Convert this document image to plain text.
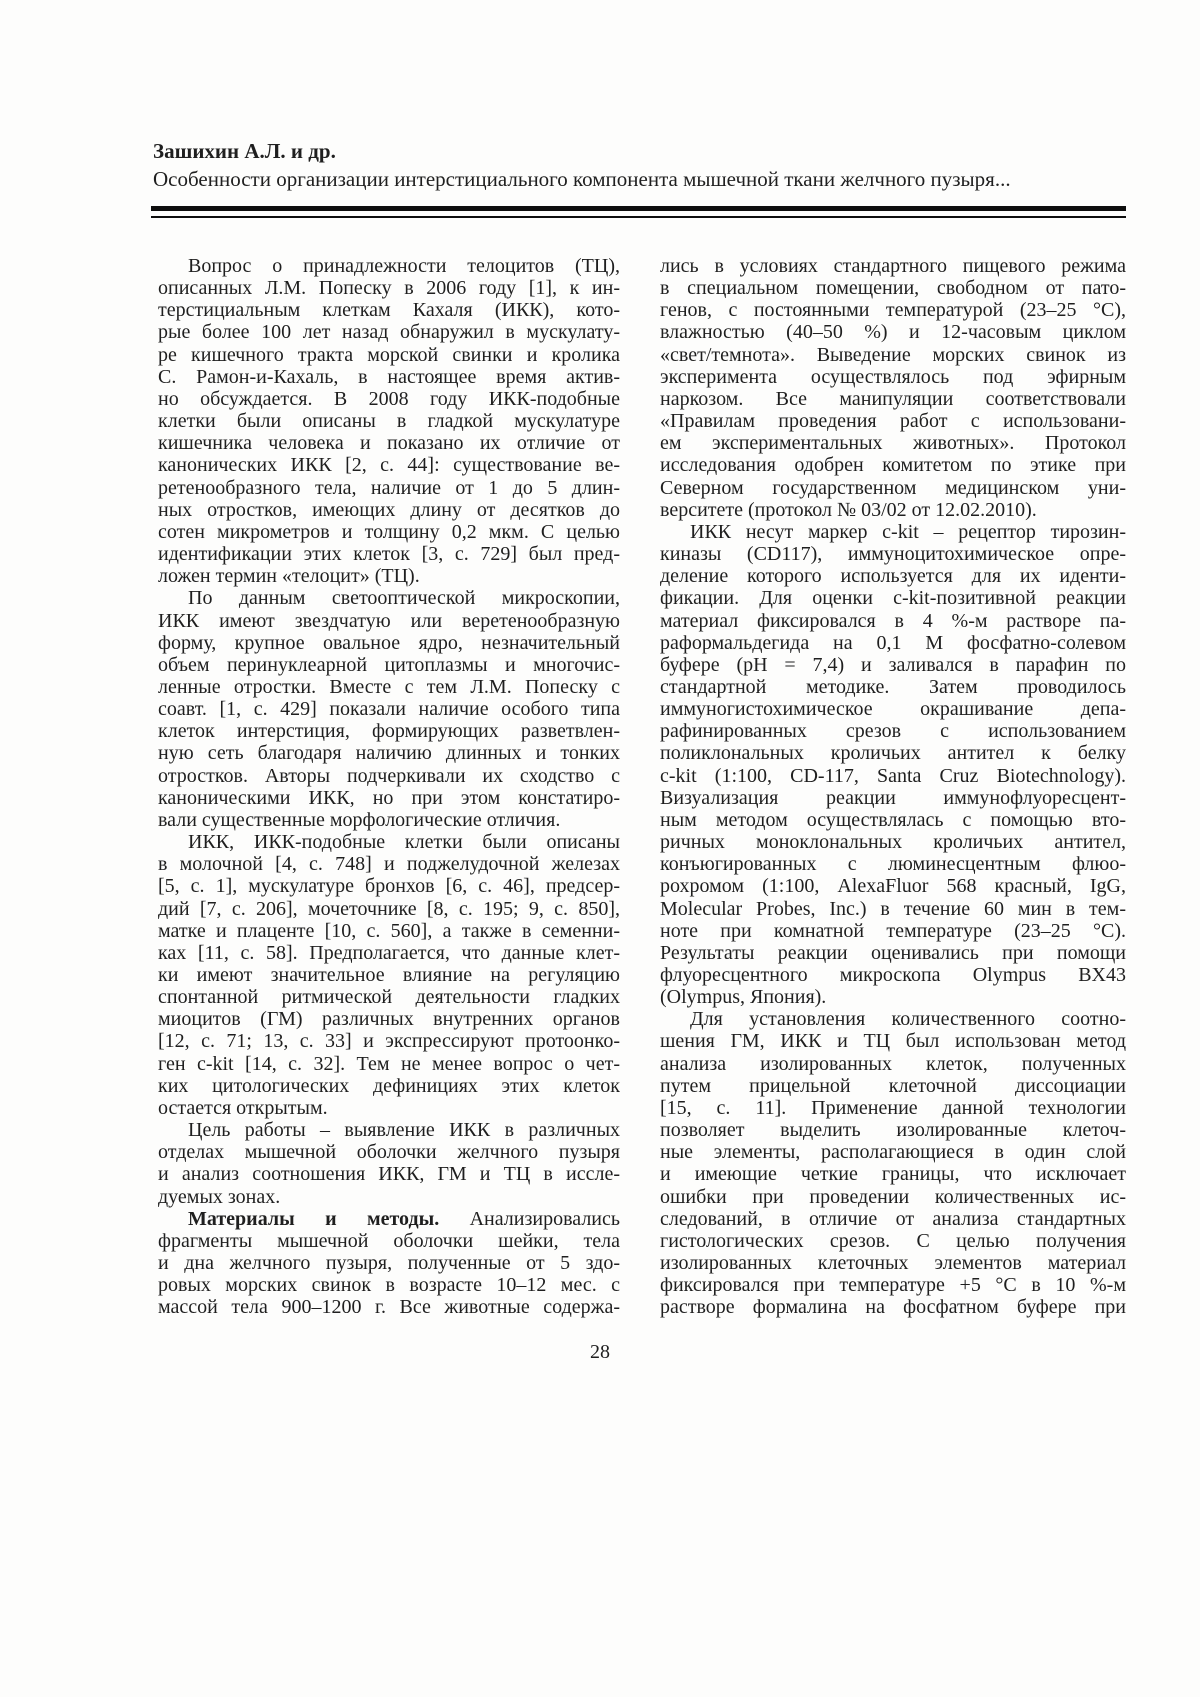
Зашихин А.Л. и др.
Особенности организации интерстициального компонента мышечной ткани желчного пузыря...
Вопрос о принадлежности телоцитов (ТЦ),
описанных Л.М. Попеску в 2006 году [1], к ин-
терстициальным клеткам Кахаля (ИКК), кото-
рые более 100 лет назад обнаружил в мускулату-
ре кишечного тракта морской свинки и кролика
С. Рамон-и-Кахаль, в настоящее время актив-
но обсуждается. В 2008 году ИКК-подобные
клетки были описаны в гладкой мускулатуре
кишечника человека и показано их отличие от
канонических ИКК [2, с. 44]: существование ве-
ретенообразного тела, наличие от 1 до 5 длин-
ных отростков, имеющих длину от десятков до
сотен микрометров и толщину 0,2 мкм. С целью
идентификации этих клеток [3, с. 729] был пред-
ложен термин «телоцит» (ТЦ).
По данным светооптической микроскопии,
ИКК имеют звездчатую или веретенообразную
форму, крупное овальное ядро, незначительный
объем перинуклеарной цитоплазмы и многочис-
ленные отростки. Вместе с тем Л.М. Попеску с
соавт. [1, с. 429] показали наличие особого типа
клеток интерстиция, формирующих разветвлен-
ную сеть благодаря наличию длинных и тонких
отростков. Авторы подчеркивали их сходство с
каноническими ИКК, но при этом констатиро-
вали существенные морфологические отличия.
ИКК, ИКК-подобные клетки были описаны
в молочной [4, с. 748] и поджелудочной железах
[5, с. 1], мускулатуре бронхов [6, с. 46], предсер-
дий [7, с. 206], мочеточнике [8, с. 195; 9, с. 850],
матке и плаценте [10, с. 560], а также в семенни-
ках [11, с. 58]. Предполагается, что данные клет-
ки имеют значительное влияние на регуляцию
спонтанной ритмической деятельности гладких
миоцитов (ГМ) различных внутренних органов
[12, с. 71; 13, с. 33] и экспрессируют протоонко-
ген c-kit [14, с. 32]. Тем не менее вопрос о чет-
ких цитологических дефинициях этих клеток
остается открытым.
Цель работы – выявление ИКК в различных
отделах мышечной оболочки желчного пузыря
и анализ соотношения ИКК, ГМ и ТЦ в иссле-
дуемых зонах.
Материалы и методы. Анализировались
фрагменты мышечной оболочки шейки, тела
и дна желчного пузыря, полученные от 5 здо-
ровых морских свинок в возрасте 10–12 мес. с
массой тела 900–1200 г. Все животные содержа-
лись в условиях стандартного пищевого режима
в специальном помещении, свободном от пато-
генов, с постоянными температурой (23–25 °C),
влажностью (40–50 %) и 12-часовым циклом
«свет/темнота». Выведение морских свинок из
эксперимента осуществлялось под эфирным
наркозом. Все манипуляции соответствовали
«Правилам проведения работ с использовани-
ем экспериментальных животных». Протокол
исследования одобрен комитетом по этике при
Северном государственном медицинском уни-
верситете (протокол № 03/02 от 12.02.2010).
ИКК несут маркер c-kit – рецептор тирозин-
киназы (CD117), иммуноцитохимическое опре-
деление которого используется для их иденти-
фикации. Для оценки c-kit-позитивной реакции
материал фиксировался в 4 %-м растворе па-
раформальдегида на 0,1 М фосфатно-солевом
буфере (pH = 7,4) и заливался в парафин по
стандартной методике. Затем проводилось
иммуногистохимическое окрашивание депа-
рафинированных срезов с использованием
поликлональных кроличьих антител к белку
c-kit (1:100, CD-117, Santa Cruz Biotechnology).
Визуализация реакции иммунофлуоресцент-
ным методом осуществлялась с помощью вто-
ричных моноклональных кроличьих антител,
конъюгированных с люминесцентным флюо-
рохромом (1:100, AlexaFluor 568 красный, IgG,
Molecular Probes, Inc.) в течение 60 мин в тем-
ноте при комнатной температуре (23–25 °C).
Результаты реакции оценивались при помощи
флуоресцентного микроскопа Olympus BX43
(Olympus, Япония).
Для установления количественного соотно-
шения ГМ, ИКК и ТЦ был использован метод
анализа изолированных клеток, полученных
путем прицельной клеточной диссоциации
[15, с. 11]. Применение данной технологии
позволяет выделить изолированные клеточ-
ные элементы, располагающиеся в один слой
и имеющие четкие границы, что исключает
ошибки при проведении количественных ис-
следований, в отличие от анализа стандартных
гистологических срезов. С целью получения
изолированных клеточных элементов материал
фиксировался при температуре +5 °C в 10 %-м
растворе формалина на фосфатном буфере при
28
